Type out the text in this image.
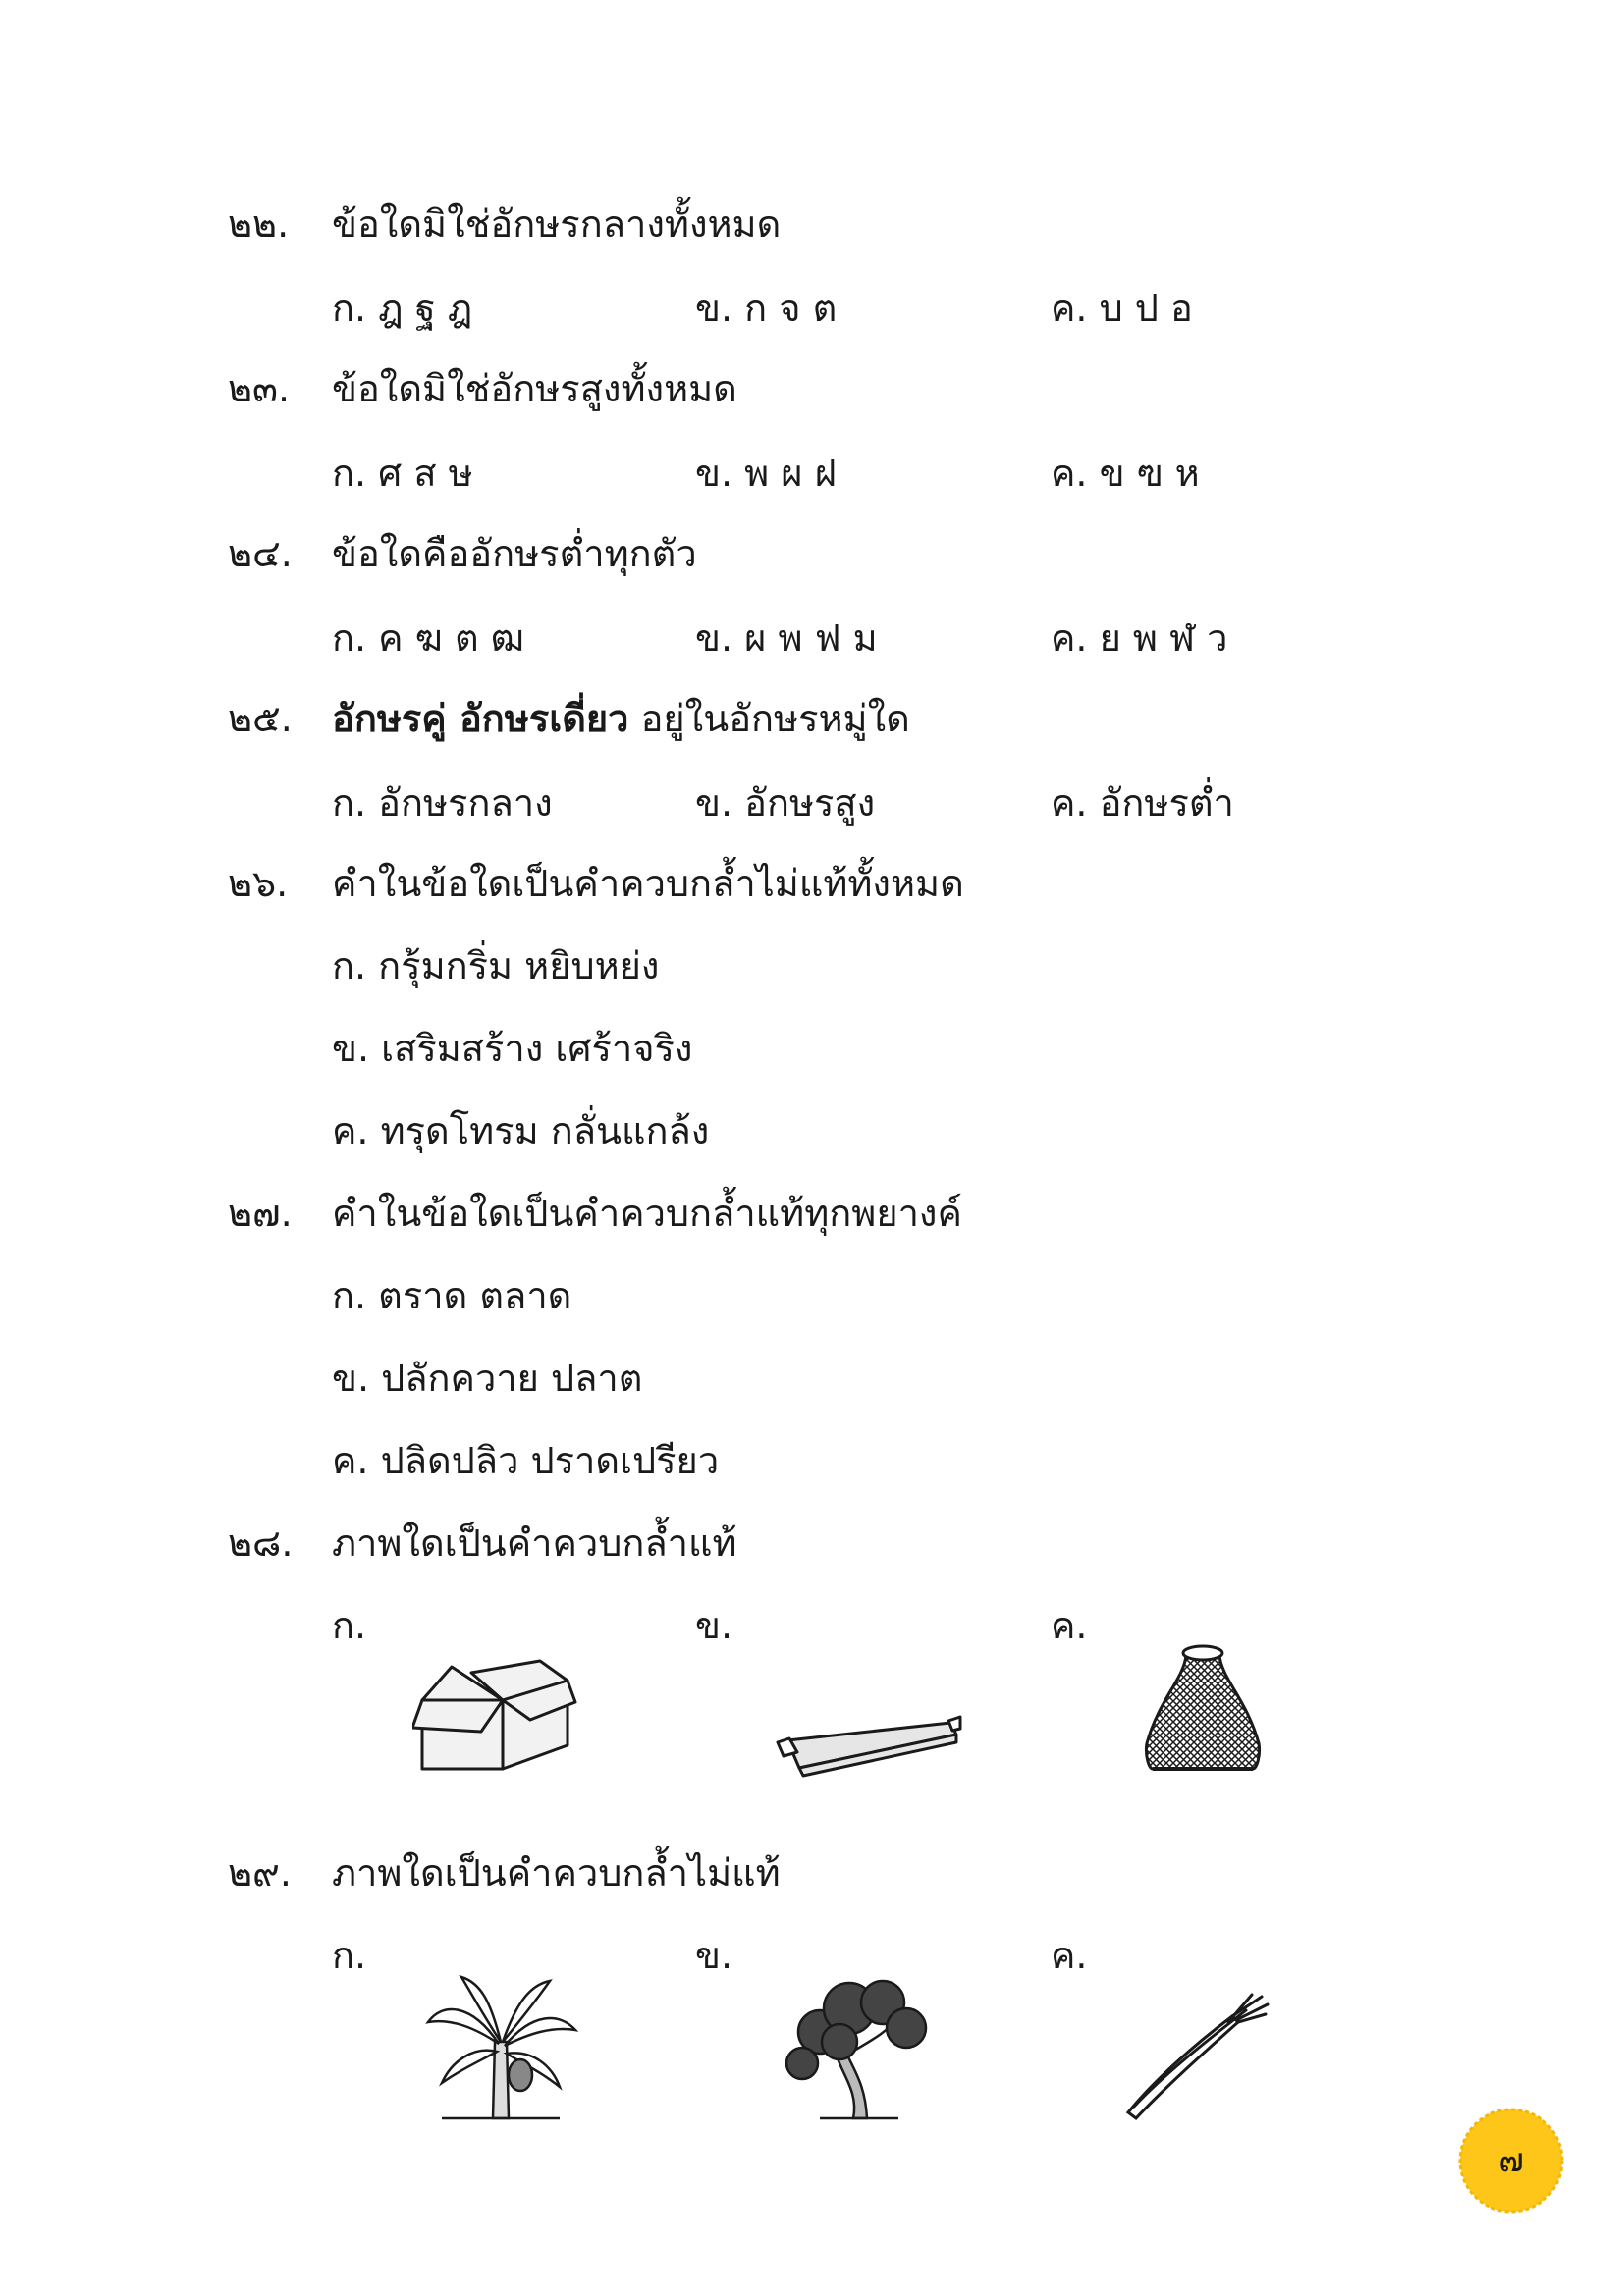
๒๒. ข้อใดมิใช่อักษรกลางทั้งหมด
ก. ฎ ฐ ฎ	ข. ก จ ต	ค. บ ป อ
๒๓. ข้อใดมิใช่อักษรสูงทั้งหมด
ก. ศ ส ษ	ข. พ ผ ฝ	ค. ข ฃ ห
๒๔. ข้อใดคืออักษรต่ำทุกตัว
ก. ค ฆ ต ฒ	ข. ผ พ ฟ ม	ค. ย พ ฬ ว
๒๕. อักษรคู่ อักษรเดี่ยว อยู่ในอักษรหมู่ใด
ก. อักษรกลาง	ข. อักษรสูง	ค. อักษรต่ำ
๒๖. คำในข้อใดเป็นคำควบกล้ำไม่แท้ทั้งหมด
ก. กรุ้มกริ่ม หยิบหย่ง
ข. เสริมสร้าง เศร้าจริง
ค. ทรุดโทรม กลั่นแกล้ง
๒๗. คำในข้อใดเป็นคำควบกล้ำแท้ทุกพยางค์
ก. ตราด ตลาด
ข. ปลักควาย ปลาต
ค. ปลิดปลิว ปราดเปรียว
๒๘. ภาพใดเป็นคำควบกล้ำแท้
ก.	ข.	ค.
๒๙. ภาพใดเป็นคำควบกล้ำไม่แท้
ก.	ข.	ค.
๗
